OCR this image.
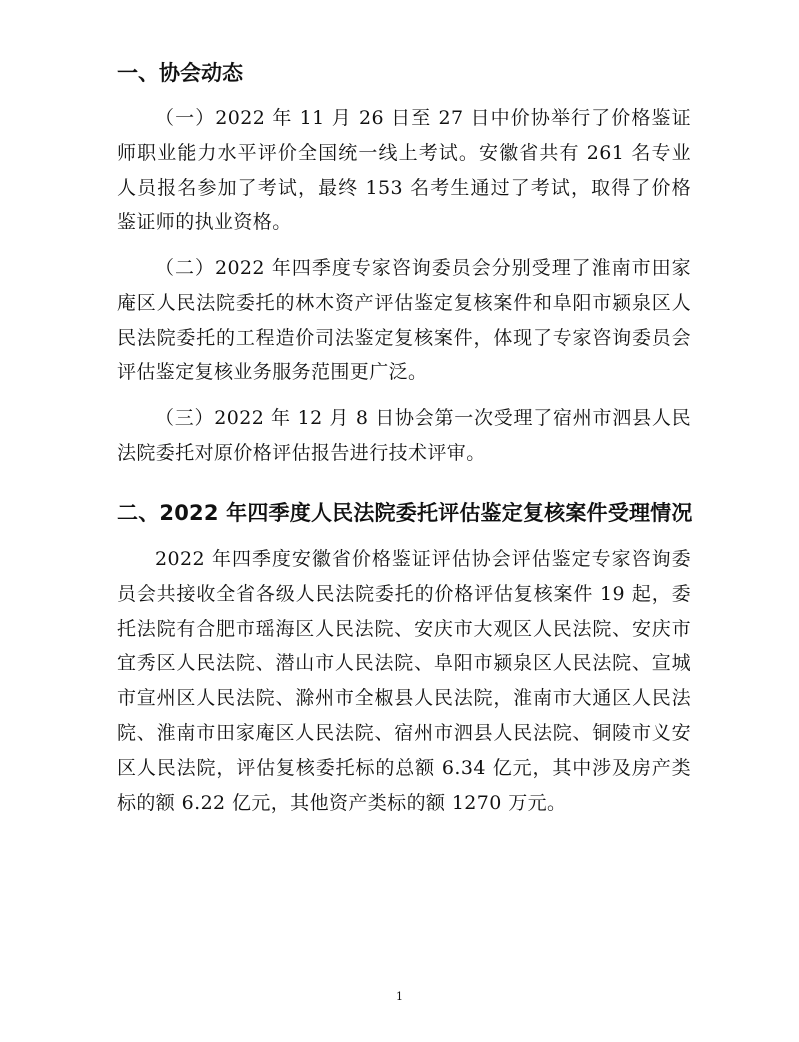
一、协会动态

（一）2022 年 11 月 26 日至 27 日中价协举行了价格鉴证师职业能力水平评价全国统一线上考试。安徽省共有 261 名专业人员报名参加了考试，最终 153 名考生通过了考试，取得了价格鉴证师的执业资格。

（二）2022 年四季度专家咨询委员会分别受理了淮南市田家庵区人民法院委托的林木资产评估鉴定复核案件和阜阳市颍泉区人民法院委托的工程造价司法鉴定复核案件，体现了专家咨询委员会评估鉴定复核业务服务范围更广泛。

（三）2022 年 12 月 8 日协会第一次受理了宿州市泗县人民法院委托对原价格评估报告进行技术评审。

二、2022 年四季度人民法院委托评估鉴定复核案件受理情况

2022 年四季度安徽省价格鉴证评估协会评估鉴定专家咨询委员会共接收全省各级人民法院委托的价格评估复核案件 19 起，委托法院有合肥市瑶海区人民法院、安庆市大观区人民法院、安庆市宜秀区人民法院、潜山市人民法院、阜阳市颍泉区人民法院、宣城市宣州区人民法院、滁州市全椒县人民法院，淮南市大通区人民法院、淮南市田家庵区人民法院、宿州市泗县人民法院、铜陵市义安区人民法院，评估复核委托标的总额 6.34 亿元，其中涉及房产类标的额 6.22 亿元，其他资产类标的额 1270 万元。

1
